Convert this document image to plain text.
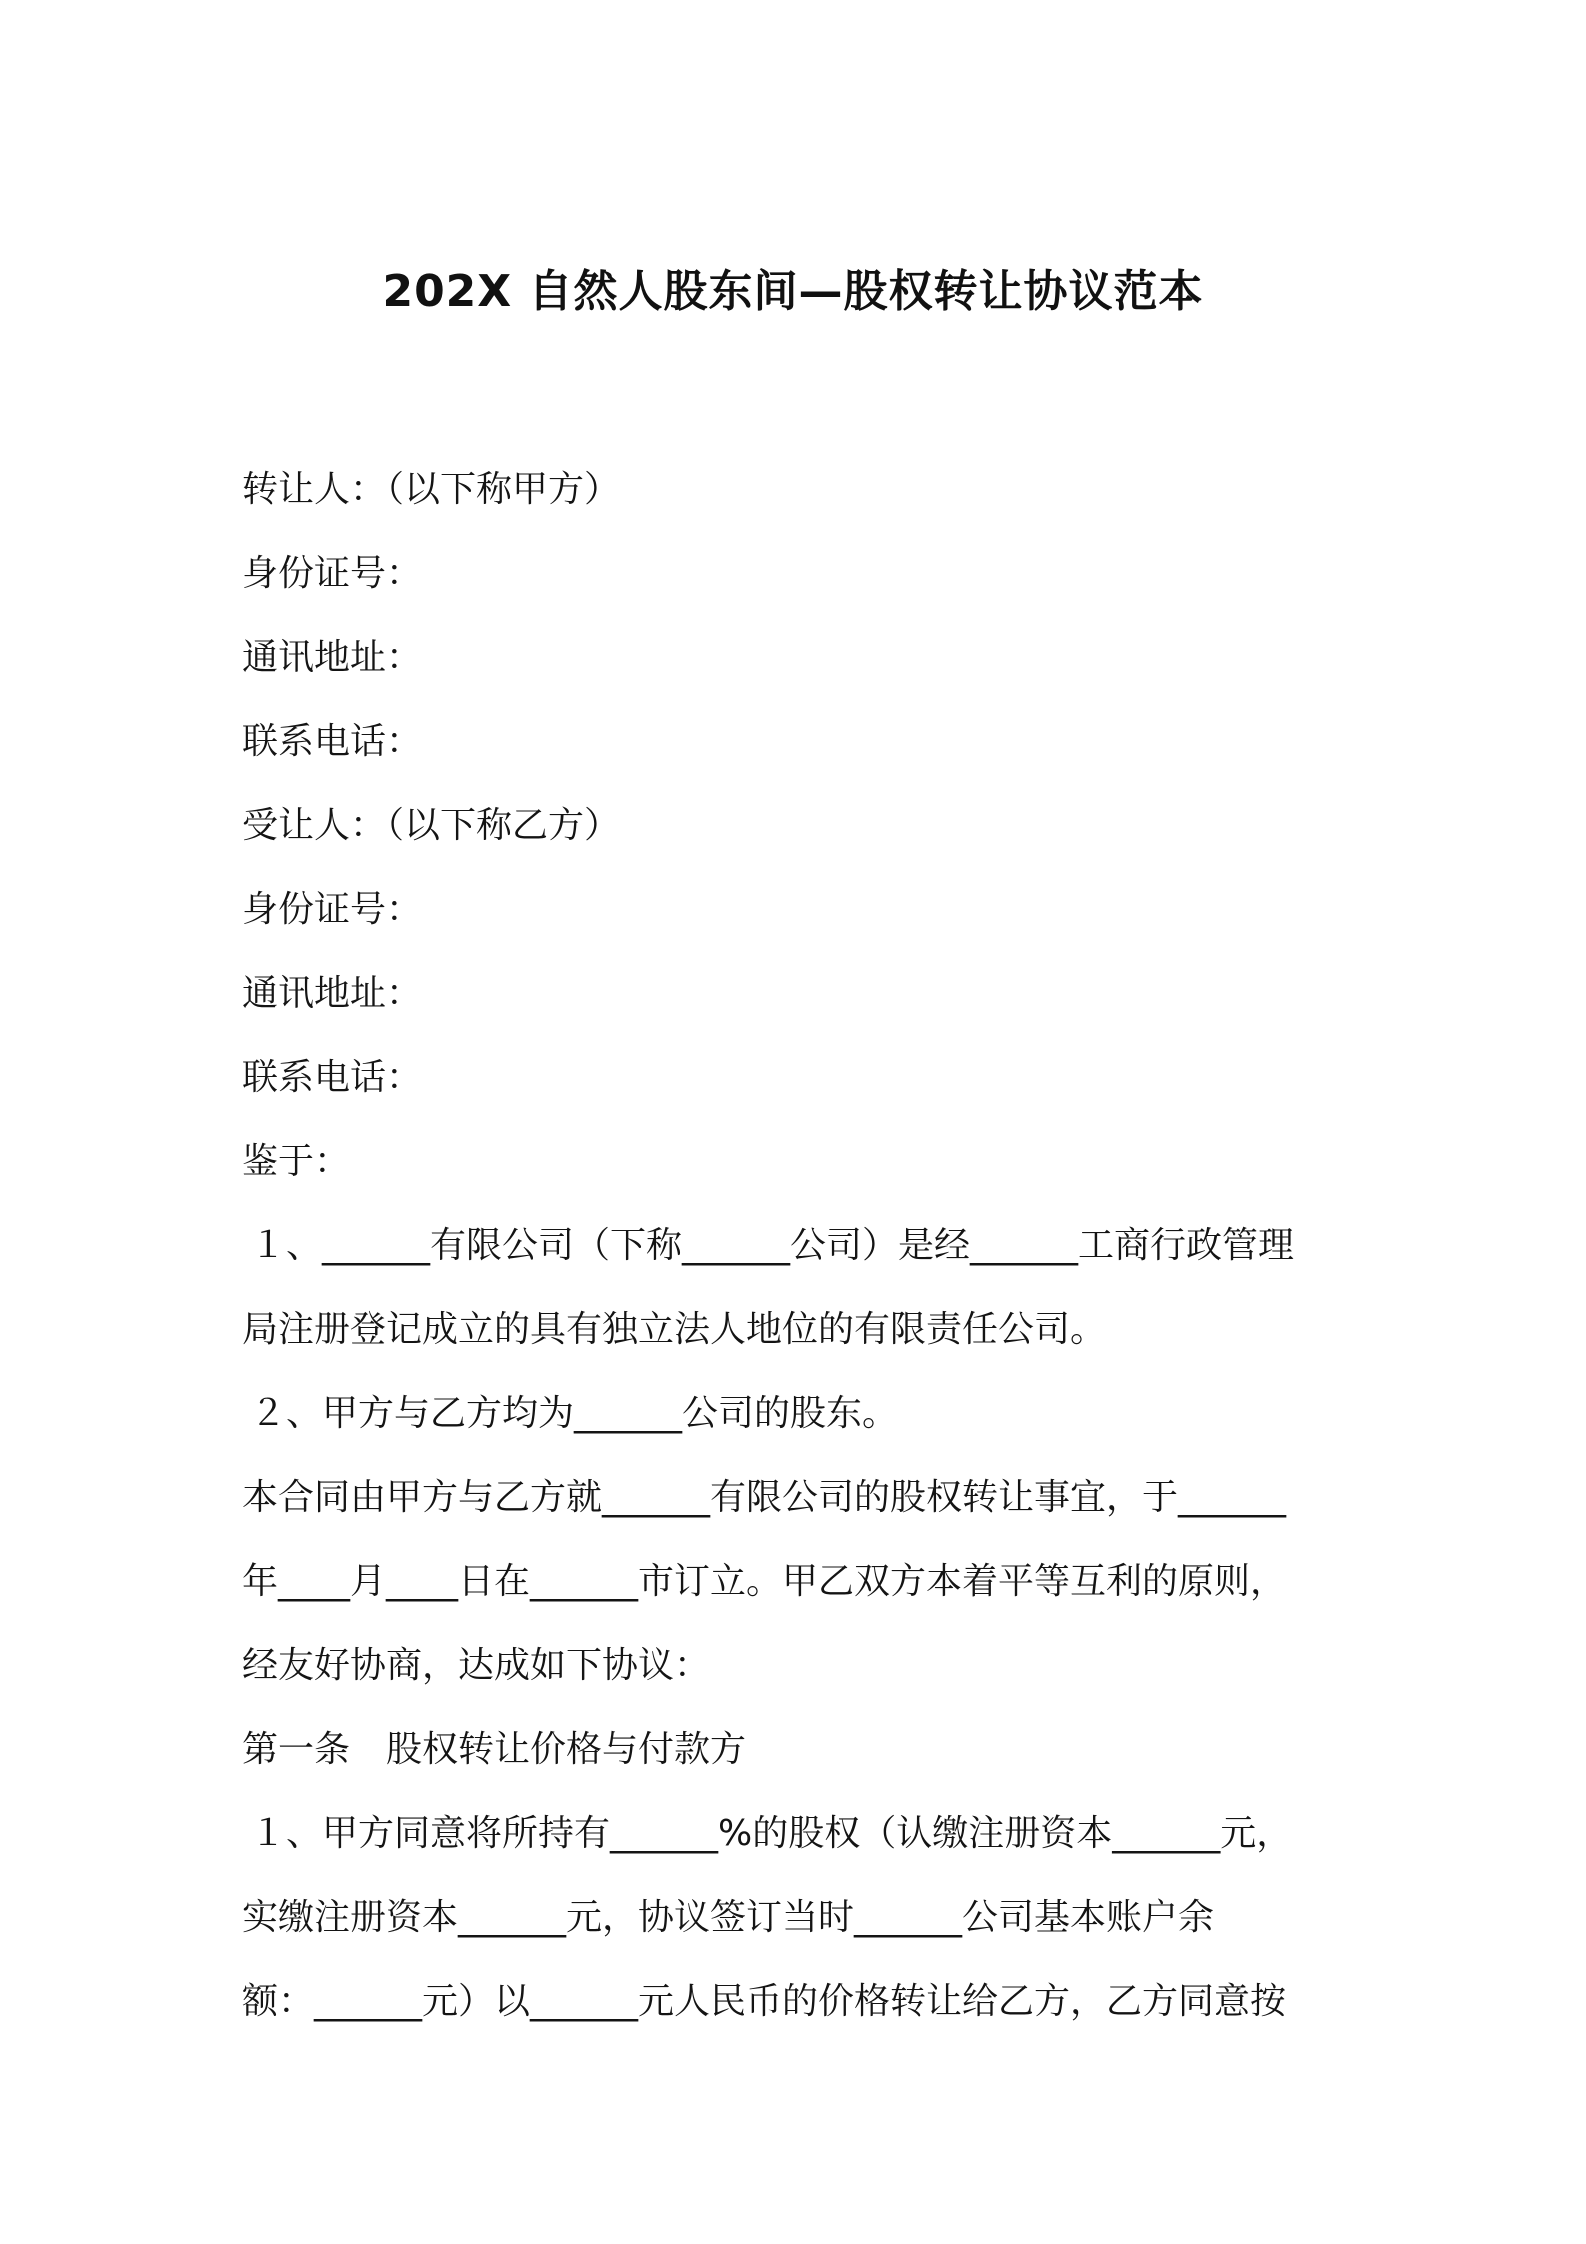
202X 自然人股东间—股权转让协议范本
转让人：（以下称甲方）
身份证号：
通讯地址：
联系电话：
受让人：（以下称乙方）
身份证号：
通讯地址：
联系电话：
鉴于：
１、______有限公司（下称______公司）是经______工商行政管理
局注册登记成立的具有独立法人地位的有限责任公司。
２、甲方与乙方均为______公司的股东。
本合同由甲方与乙方就______有限公司的股权转让事宜，于______
年____月____日在______市订立。甲乙双方本着平等互利的原则，
经友好协商，达成如下协议：
第一条 股权转让价格与付款方
１、甲方同意将所持有______%的股权（认缴注册资本______元，
实缴注册资本______元，协议签订当时______公司基本账户余
额：______元）以______元人民币的价格转让给乙方，乙方同意按
